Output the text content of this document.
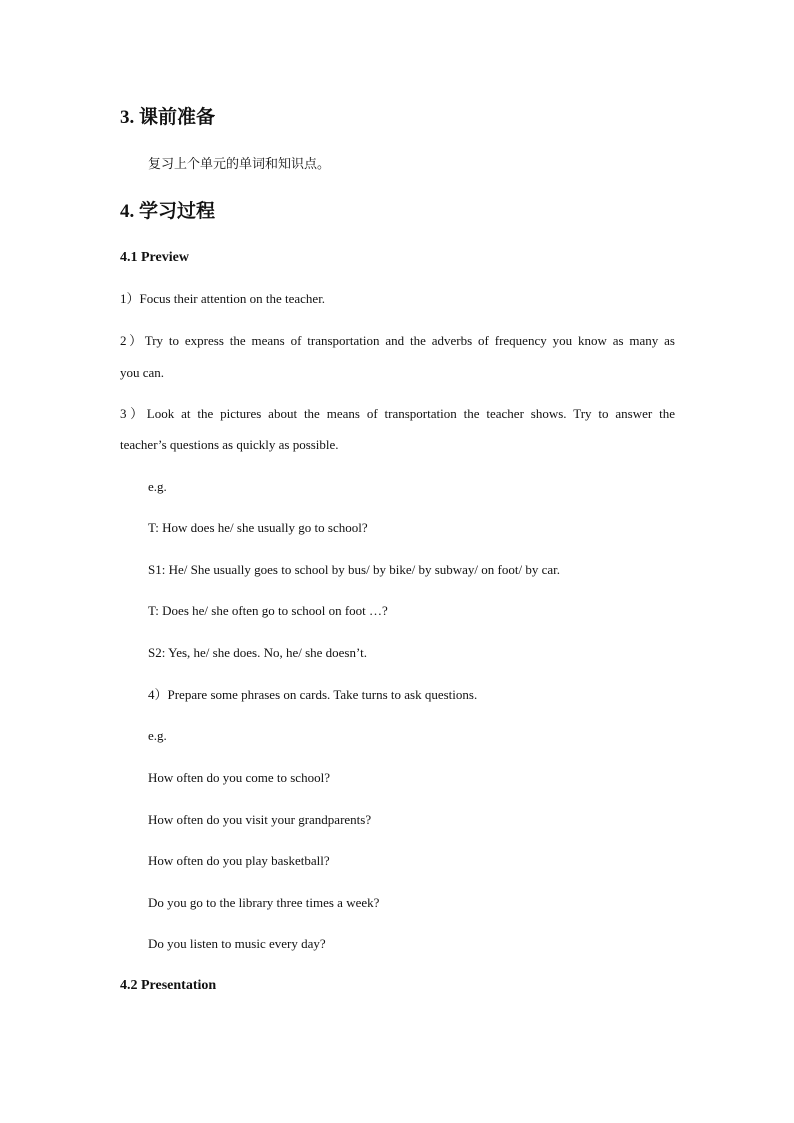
3. 课前准备
复习上个单元的单词和知识点。
4. 学习过程
4.1 Preview
1）Focus their attention on the teacher.
2）Try to express the means of transportation and the adverbs of frequency you know as many as
you can.
3）Look at the pictures about the means of transportation the teacher shows. Try to answer the
teacher’s questions as quickly as possible.
e.g.
T: How does he/ she usually go to school?
S1: He/ She usually goes to school by bus/ by bike/ by subway/ on foot/ by car.
T: Does he/ she often go to school on foot …?
S2: Yes, he/ she does. No, he/ she doesn’t.
4）Prepare some phrases on cards. Take turns to ask questions.
e.g.
How often do you come to school?
How often do you visit your grandparents?
How often do you play basketball?
Do you go to the library three times a week?
Do you listen to music every day?
4.2 Presentation
